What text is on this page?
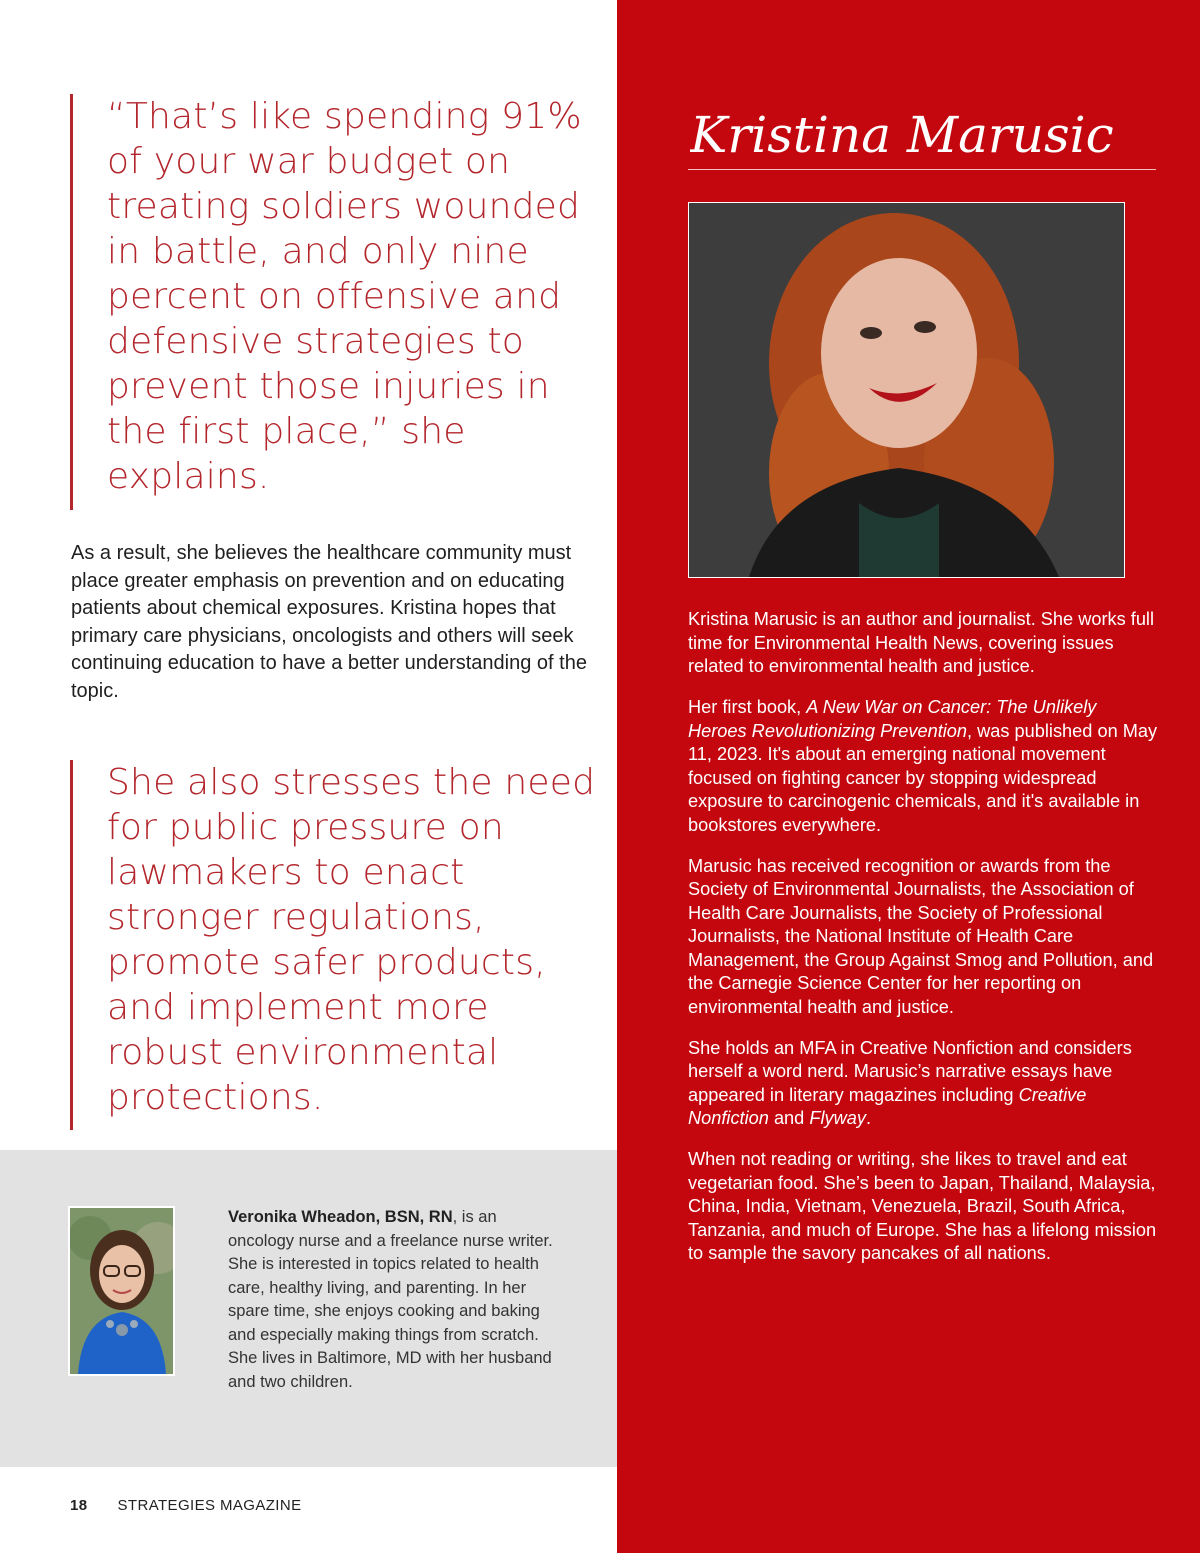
“That’s like spending 91% of your war budget on treating soldiers wounded in battle, and only nine percent on offensive and defensive strategies to prevent those injuries in the first place,” she explains.

As a result, she believes the healthcare community must place greater emphasis on prevention and on educating patients about chemical exposures. Kristina hopes that primary care physicians, oncologists and others will seek continuing education to have a better understanding of the topic.

She also stresses the need for public pressure on lawmakers to enact stronger regulations, promote safer products, and implement more robust environmental protections.

Veronika Wheadon, BSN, RN, is an oncology nurse and a freelance nurse writer. She is interested in topics related to health care, healthy living, and parenting. In her spare time, she enjoys cooking and baking and especially making things from scratch. She lives in Baltimore, MD with her husband and two children.

18 STRATEGIES MAGAZINE
Kristina Marusic

Kristina Marusic is an author and journalist. She works full time for Environmental Health News, covering issues related to environmental health and justice.

Her first book, A New War on Cancer: The Unlikely Heroes Revolutionizing Prevention, was published on May 11, 2023. It's about an emerging national movement focused on fighting cancer by stopping widespread exposure to carcinogenic chemicals, and it's available in bookstores everywhere.

Marusic has received recognition or awards from the Society of Environmental Journalists, the Association of Health Care Journalists, the Society of Professional Journalists, the National Institute of Health Care Management, the Group Against Smog and Pollution, and the Carnegie Science Center for her reporting on environmental health and justice.

She holds an MFA in Creative Nonfiction and considers herself a word nerd. Marusic’s narrative essays have appeared in literary magazines including Creative Nonfiction and Flyway.

When not reading or writing, she likes to travel and eat vegetarian food. She’s been to Japan, Thailand, Malaysia, China, India, Vietnam, Venezuela, Brazil, South Africa, Tanzania, and much of Europe. She has a lifelong mission to sample the savory pancakes of all nations.
